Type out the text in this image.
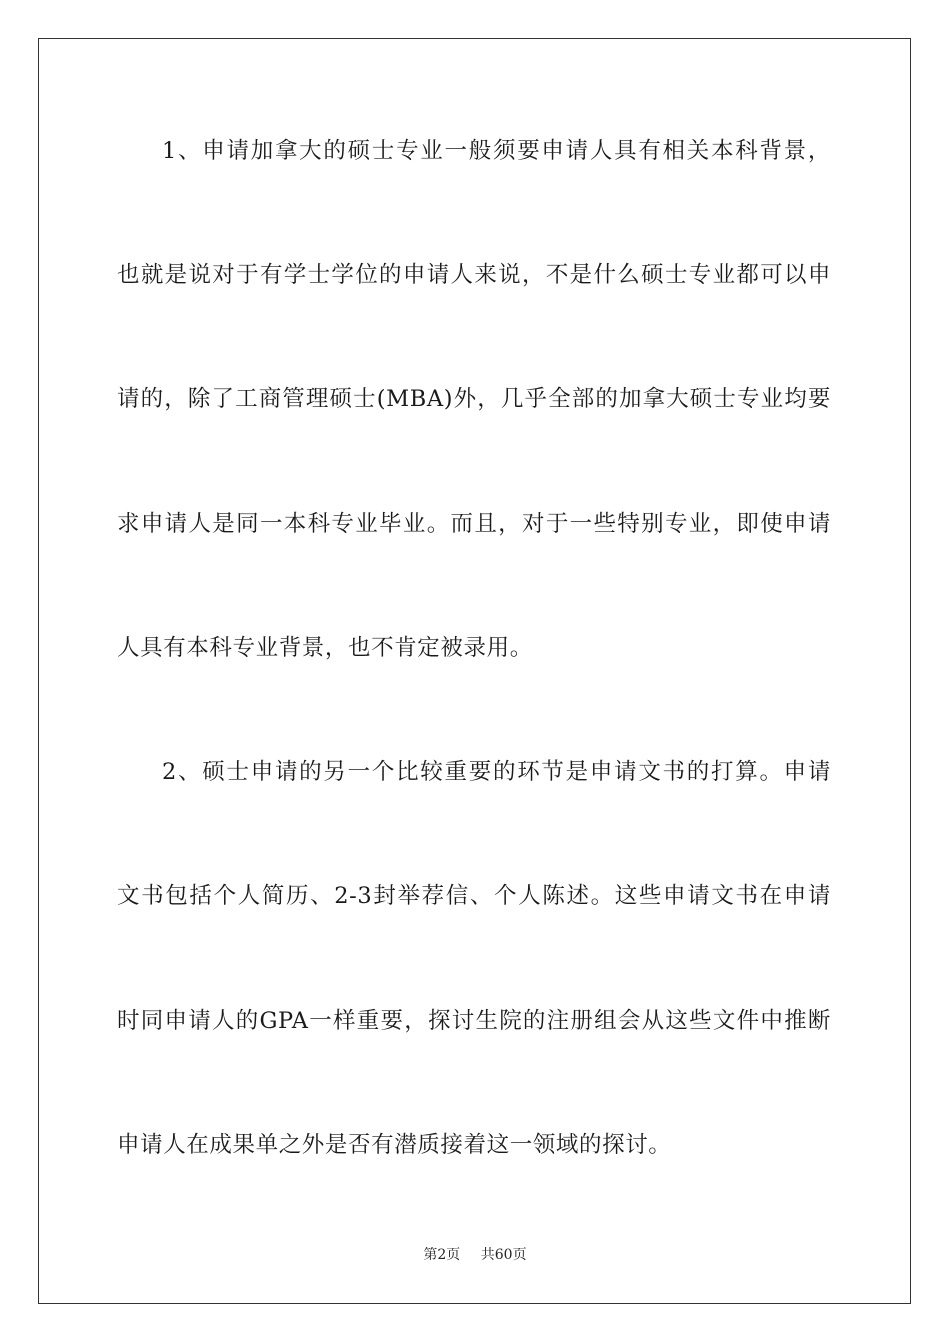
1、申请加拿大的硕士专业一般须要申请人具有相关本科背景，
也就是说对于有学士学位的申请人来说，不是什么硕士专业都可以申
请的，除了工商管理硕士(MBA)外，几乎全部的加拿大硕士专业均要
求申请人是同一本科专业毕业。而且，对于一些特别专业，即使申请
人具有本科专业背景，也不肯定被录用。
2、硕士申请的另一个比较重要的环节是申请文书的打算。申请
文书包括个人简历、2-3封举荐信、个人陈述。这些申请文书在申请
时同申请人的GPA一样重要，探讨生院的注册组会从这些文件中推断
申请人在成果单之外是否有潜质接着这一领域的探讨。
第2页 共60页
